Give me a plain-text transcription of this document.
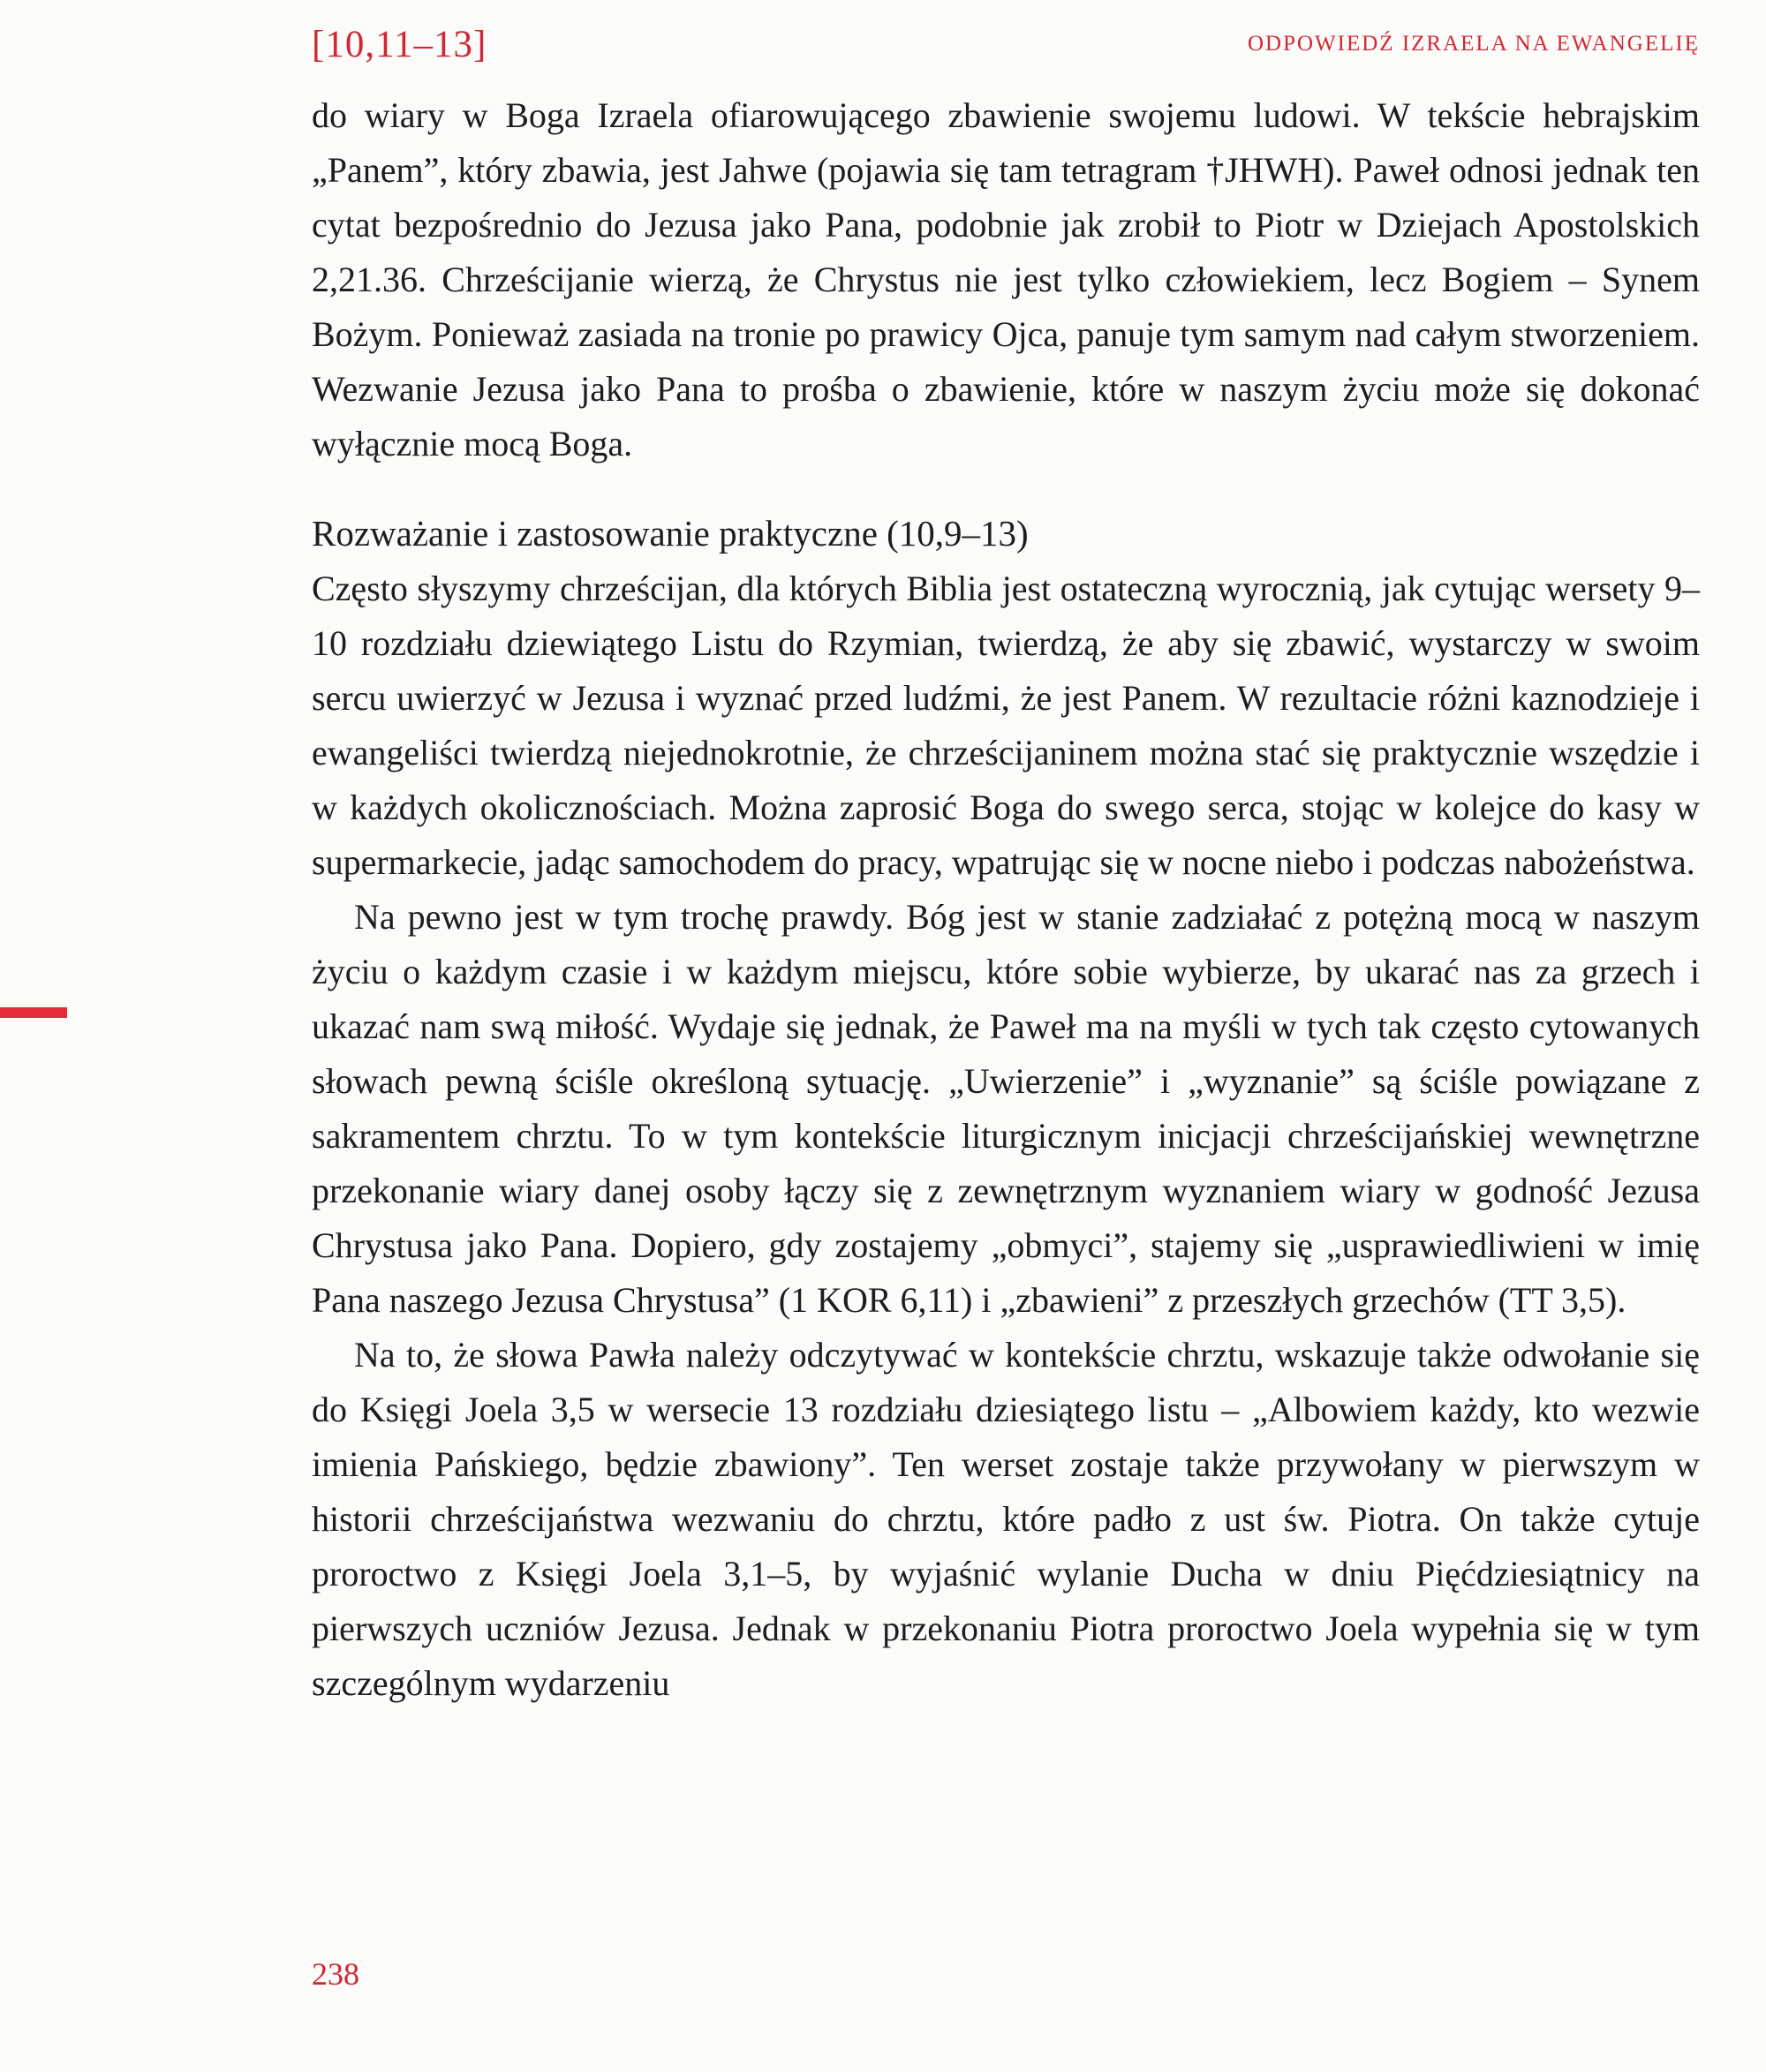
[10,11–13]	ODPOWIEDŹ IZRAELA NA EWANGELIĘ

do wiary w Boga Izraela ofiarowującego zbawienie swojemu ludowi. W tekście hebrajskim „Panem”, który zbawia, jest Jahwe (pojawia się tam tetragram †JHWH). Paweł odnosi jednak ten cytat bezpośrednio do Jezusa jako Pana, podobnie jak zrobił to Piotr w Dziejach Apostolskich 2,21.36. Chrześcijanie wierzą, że Chrystus nie jest tylko człowiekiem, lecz Bogiem – Synem Bożym. Ponieważ zasiada na tronie po prawicy Ojca, panuje tym samym nad całym stworzeniem. Wezwanie Jezusa jako Pana to prośba o zbawienie, które w naszym życiu może się dokonać wyłącznie mocą Boga.

Rozważanie i zastosowanie praktyczne (10,9–13)

Często słyszymy chrześcijan, dla których Biblia jest ostateczną wyrocznią, jak cytując wersety 9–10 rozdziału dziewiątego Listu do Rzymian, twierdzą, że aby się zbawić, wystarczy w swoim sercu uwierzyć w Jezusa i wyznać przed ludźmi, że jest Panem. W rezultacie różni kaznodzieje i ewangeliści twierdzą niejednokrotnie, że chrześcijaninem można stać się praktycznie wszędzie i w każdych okolicznościach. Można zaprosić Boga do swego serca, stojąc w kolejce do kasy w supermarkecie, jadąc samochodem do pracy, wpatrując się w nocne niebo i podczas nabożeństwa.

Na pewno jest w tym trochę prawdy. Bóg jest w stanie zadziałać z potężną mocą w naszym życiu o każdym czasie i w każdym miejscu, które sobie wybierze, by ukarać nas za grzech i ukazać nam swą miłość. Wydaje się jednak, że Paweł ma na myśli w tych tak często cytowanych słowach pewną ściśle określoną sytuację. „Uwierzenie” i „wyznanie” są ściśle powiązane z sakramentem chrztu. To w tym kontekście liturgicznym inicjacji chrześcijańskiej wewnętrzne przekonanie wiary danej osoby łączy się z zewnętrznym wyznaniem wiary w godność Jezusa Chrystusa jako Pana. Dopiero, gdy zostajemy „obmyci”, stajemy się „usprawiedliwieni w imię Pana naszego Jezusa Chrystusa” (1 KOR 6,11) i „zbawieni” z przeszłych grzechów (TT 3,5).

Na to, że słowa Pawła należy odczytywać w kontekście chrztu, wskazuje także odwołanie się do Księgi Joela 3,5 w wersecie 13 rozdziału dziesiątego listu – „Albowiem każdy, kto wezwie imienia Pańskiego, będzie zbawiony”. Ten werset zostaje także przywołany w pierwszym w historii chrześcijaństwa wezwaniu do chrztu, które padło z ust św. Piotra. On także cytuje proroctwo z Księgi Joela 3,1–5, by wyjaśnić wylanie Ducha w dniu Pięćdziesiątnicy na pierwszych uczniów Jezusa. Jednak w przekonaniu Piotra proroctwo Joela wypełnia się w tym szczególnym wydarzeniu

238
